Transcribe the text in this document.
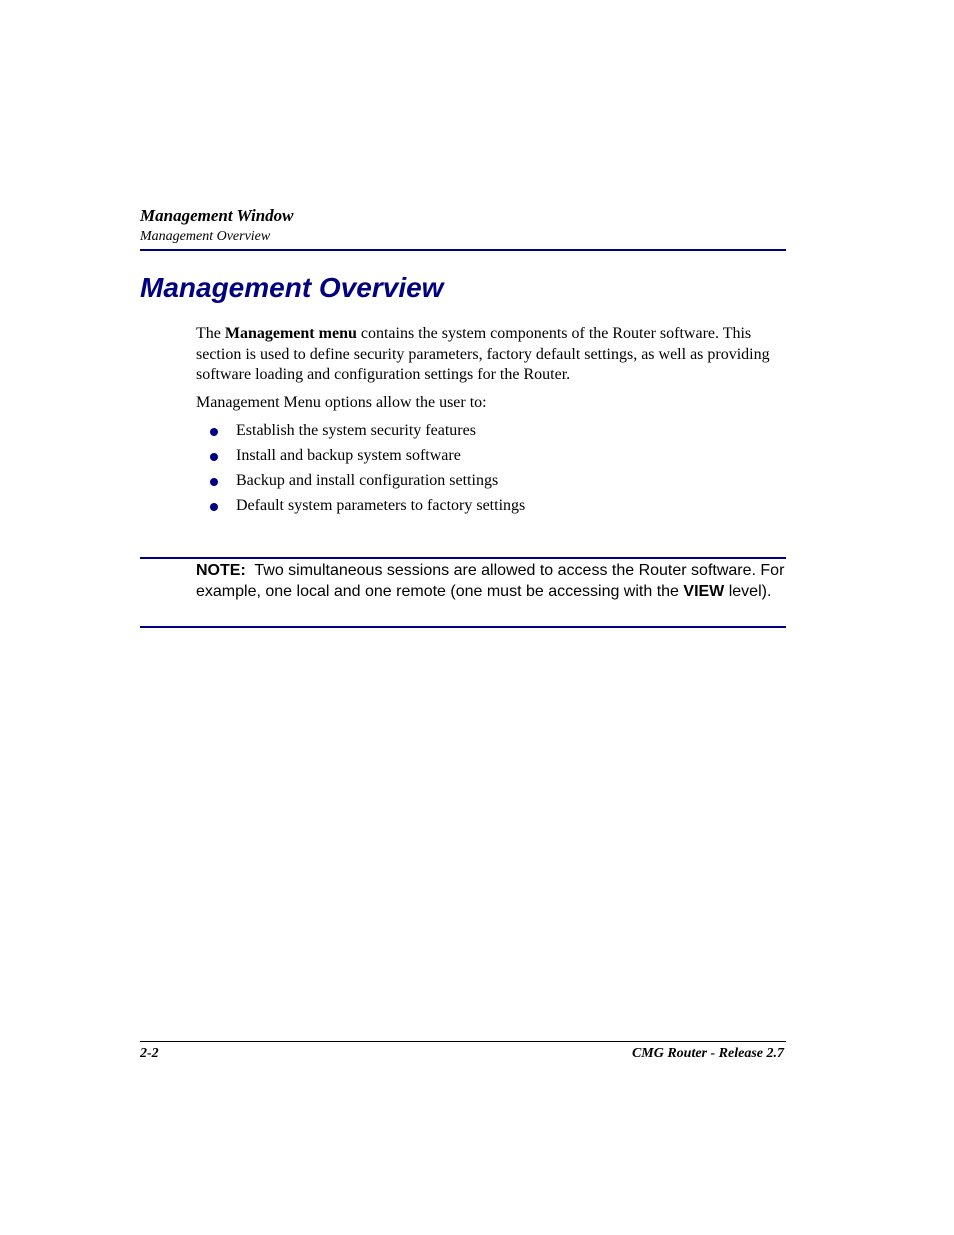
Management Window
Management Overview
Management Overview

The Management menu contains the system components of the Router software. This section is used to define security parameters, factory default settings, as well as providing software loading and configuration settings for the Router.

Management Menu options allow the user to:

Establish the system security features
Install and backup system software
Backup and install configuration settings
Default system parameters to factory settings

NOTE:  Two simultaneous sessions are allowed to access the Router software. For example, one local and one remote (one must be accessing with the VIEW level).

2-2	CMG Router - Release 2.7
